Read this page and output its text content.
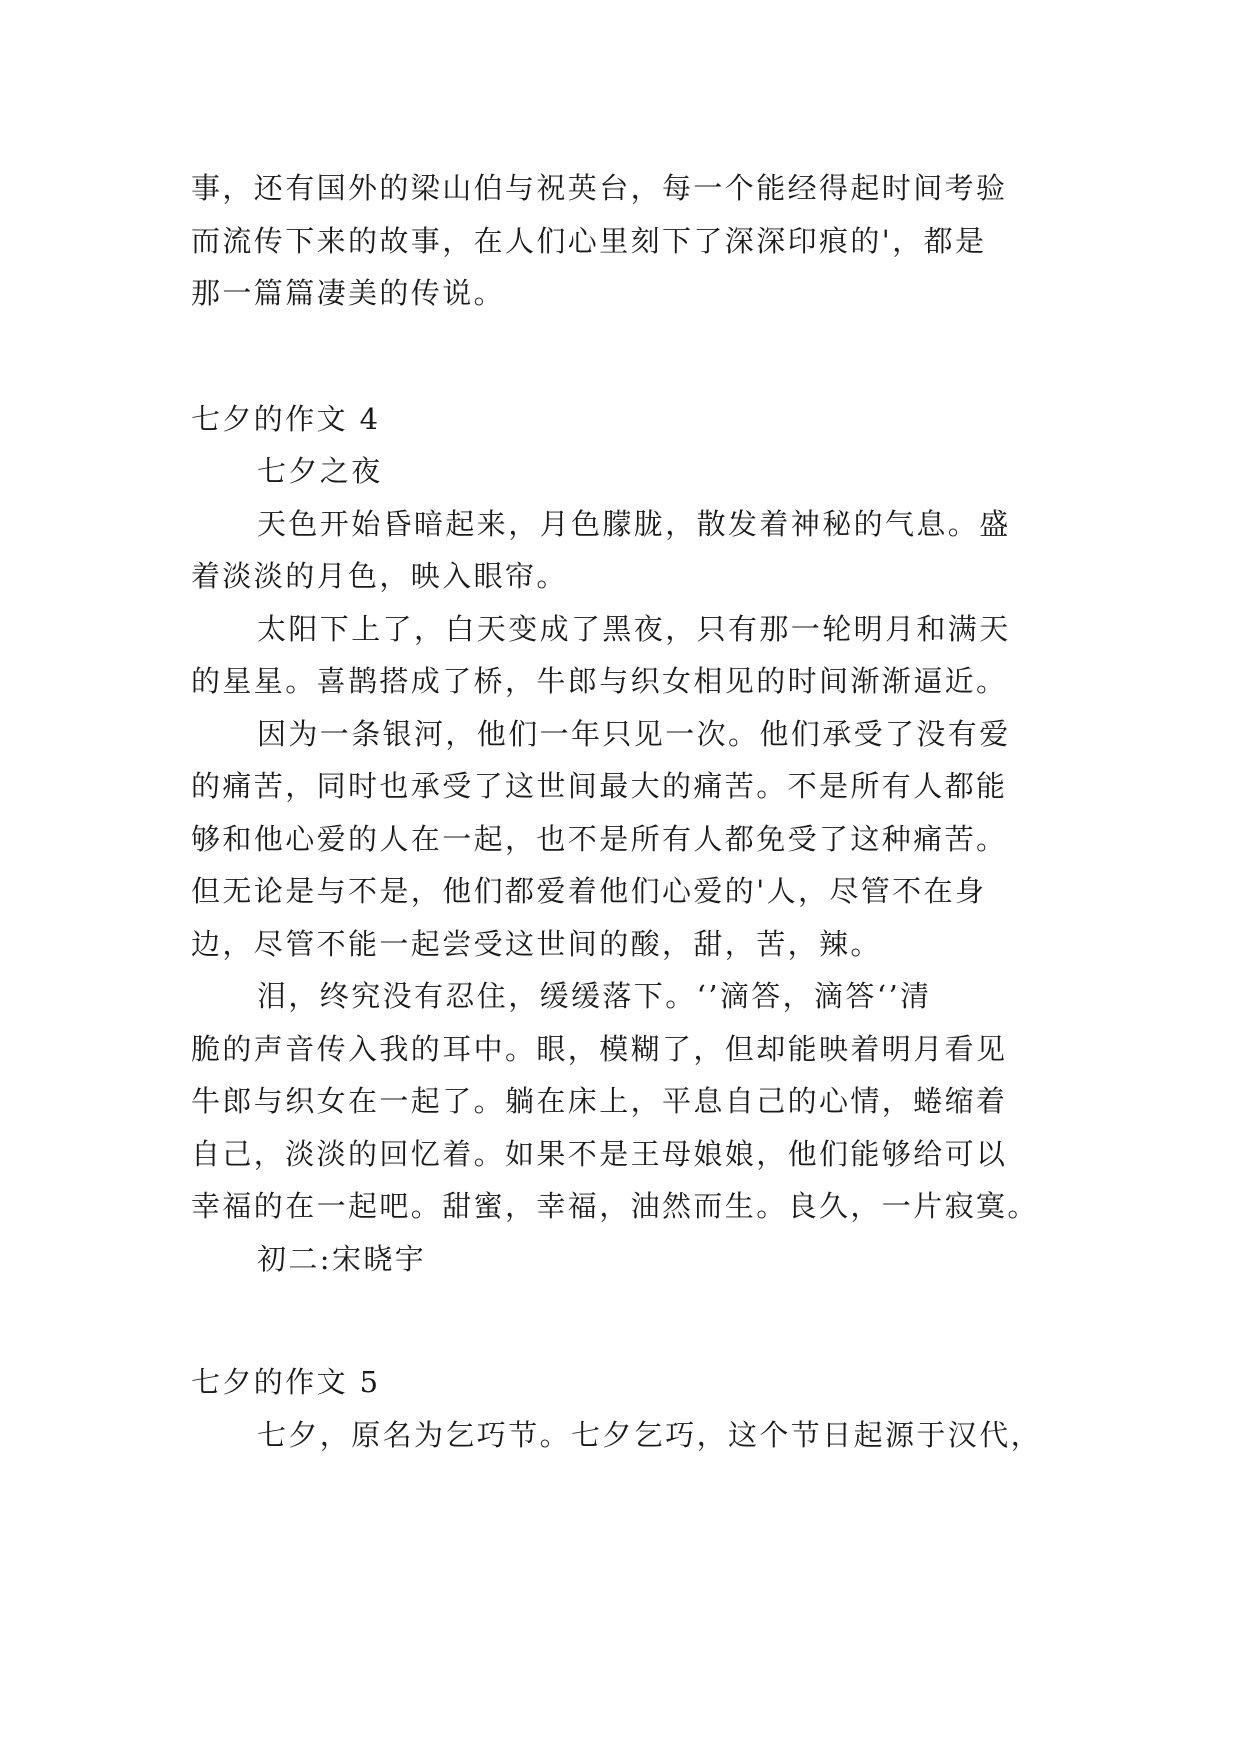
事，还有国外的梁山伯与祝英台，每一个能经得起时间考验
而流传下来的故事，在人们心里刻下了深深印痕的'，都是
那一篇篇凄美的传说。
七夕的作文 4
七夕之夜
天色开始昏暗起来，月色朦胧，散发着神秘的气息。盛
着淡淡的月色，映入眼帘。
太阳下上了，白天变成了黑夜，只有那一轮明月和满天
的星星。喜鹊搭成了桥，牛郎与织女相见的时间渐渐逼近。
因为一条银河，他们一年只见一次。他们承受了没有爱
的痛苦，同时也承受了这世间最大的痛苦。不是所有人都能
够和他心爱的人在一起，也不是所有人都免受了这种痛苦。
但无论是与不是，他们都爱着他们心爱的'人，尽管不在身
边，尽管不能一起尝受这世间的酸，甜，苦，辣。
泪，终究没有忍住，缓缓落下。‘’滴答，滴答‘’清
脆的声音传入我的耳中。眼，模糊了，但却能映着明月看见
牛郎与织女在一起了。躺在床上，平息自己的心情，蜷缩着
自己，淡淡的回忆着。如果不是王母娘娘，他们能够给可以
幸福的在一起吧。甜蜜，幸福，油然而生。良久，一片寂寞。
初二:宋晓宇
七夕的作文 5
七夕，原名为乞巧节。七夕乞巧，这个节日起源于汉代，
